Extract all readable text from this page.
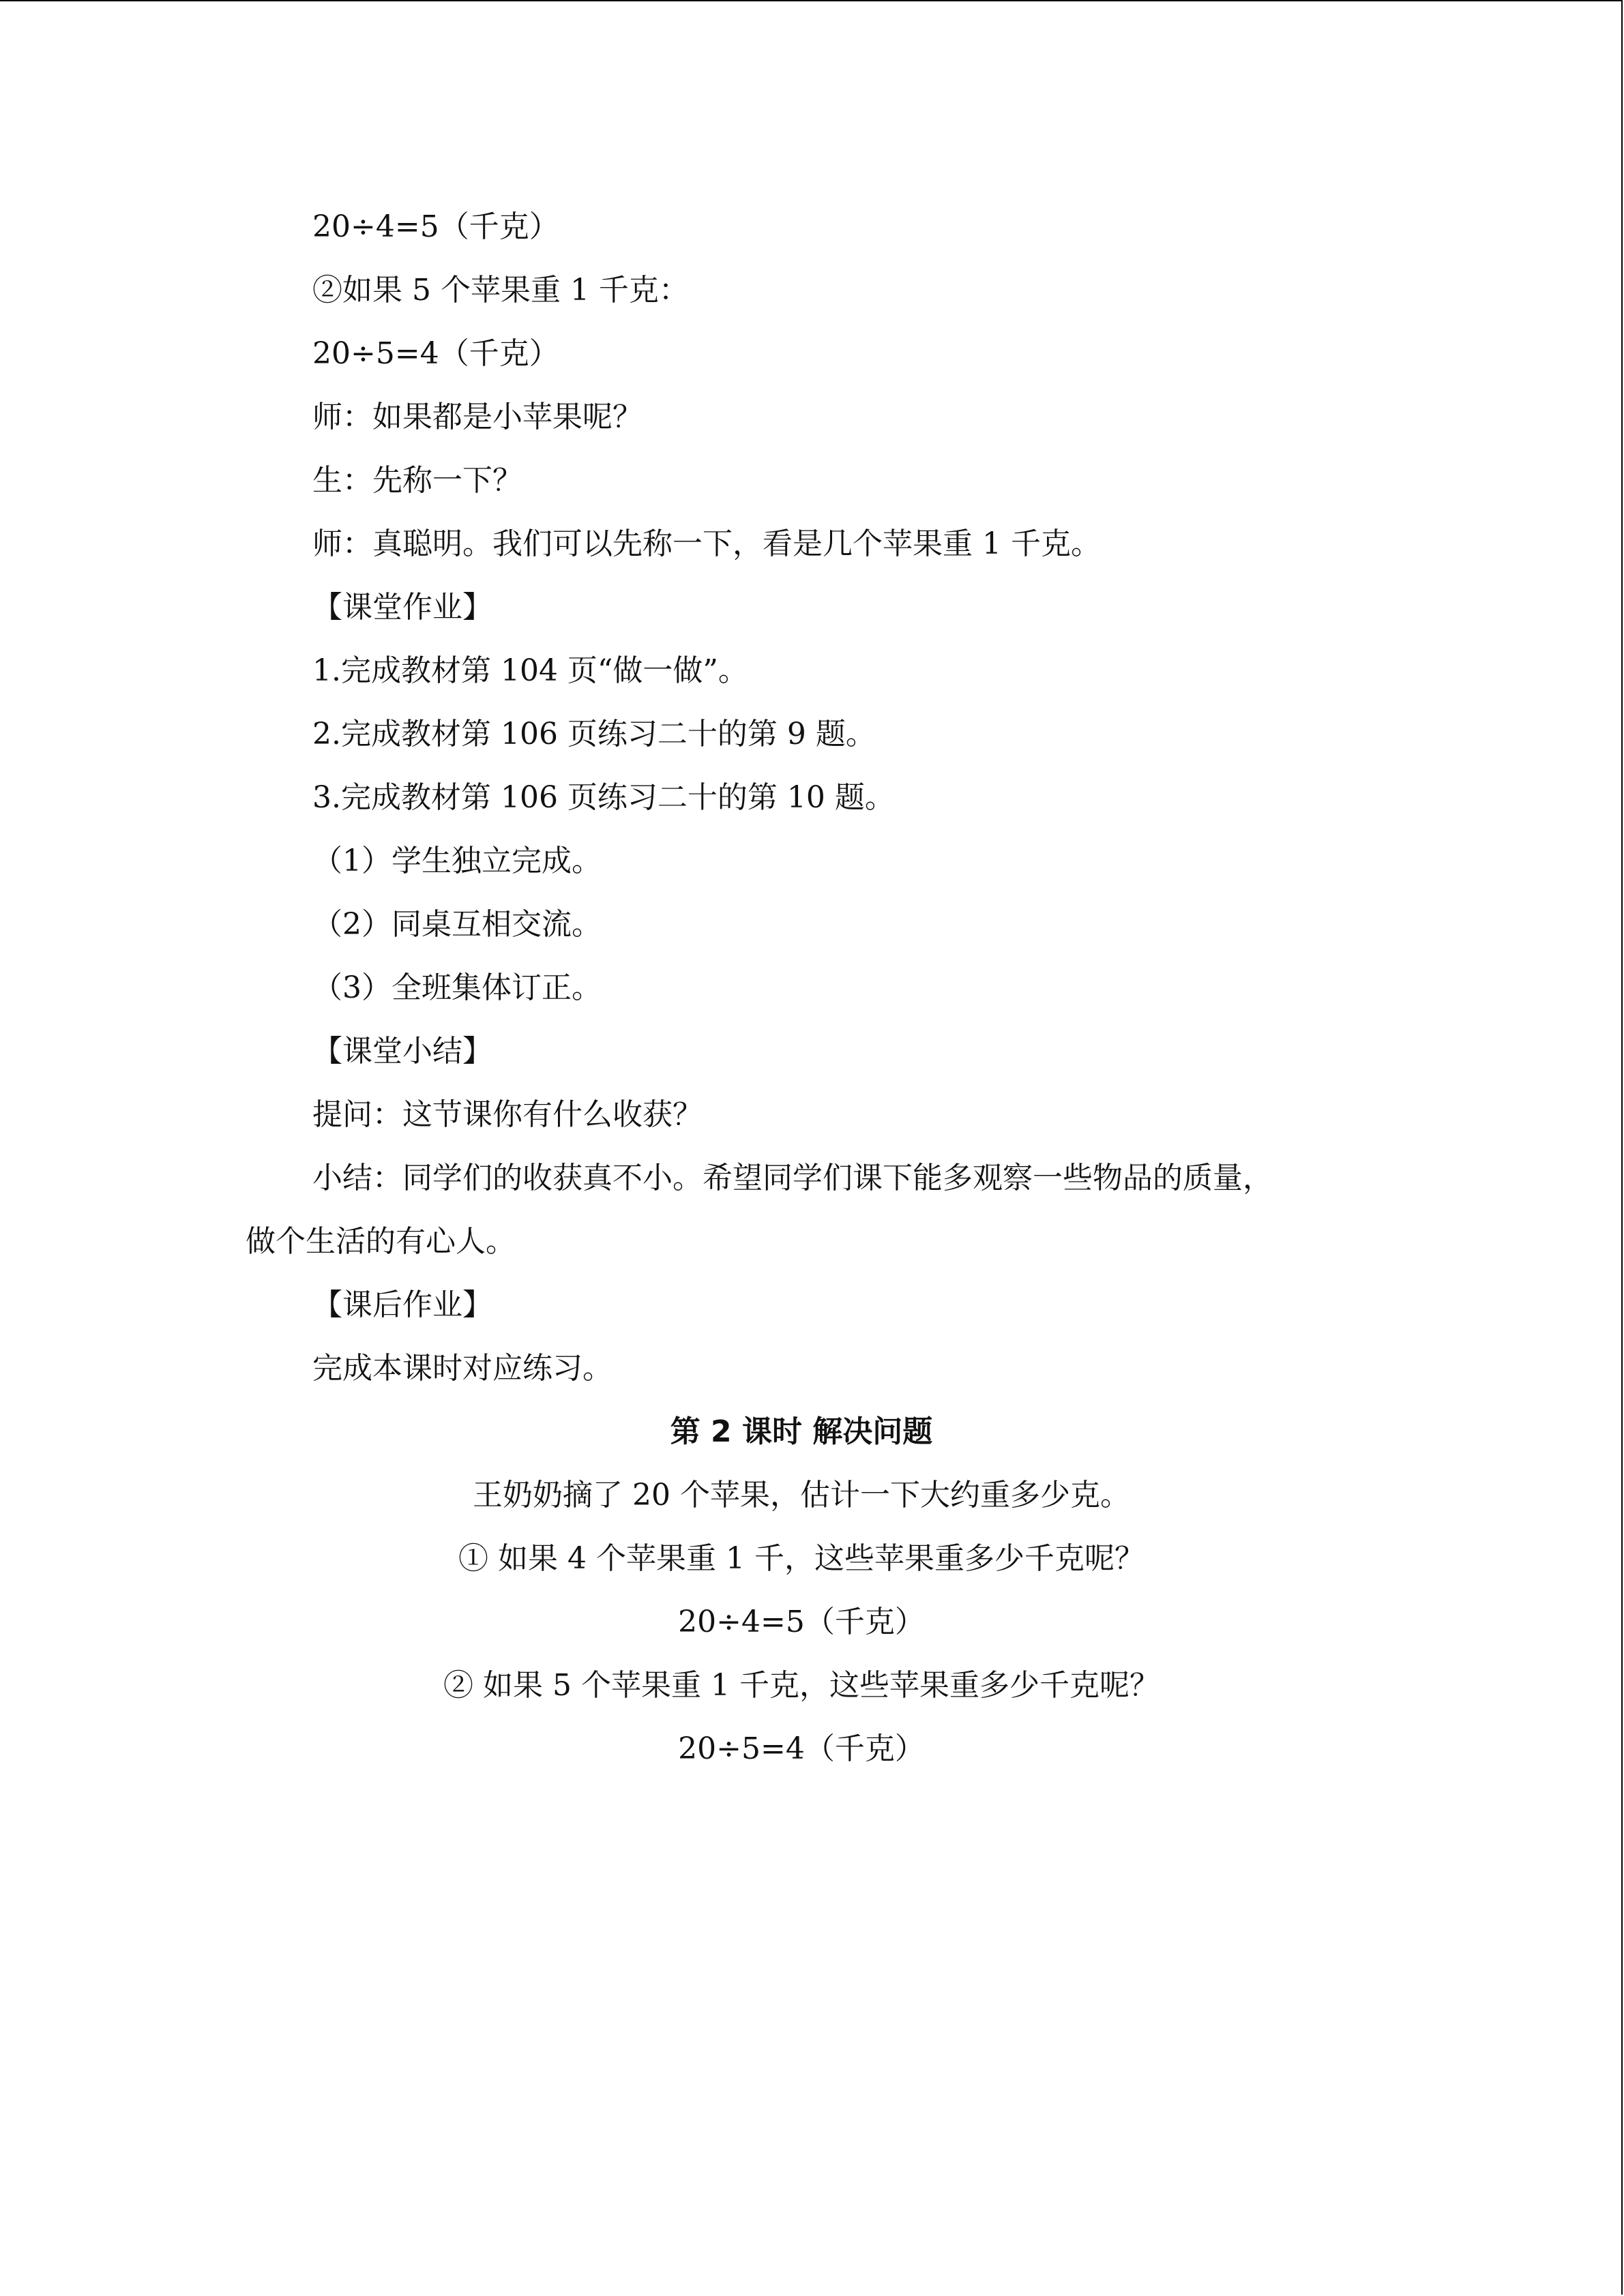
20÷4=5（千克）

②如果 5 个苹果重 1 千克：

20÷5=4（千克）

师：如果都是小苹果呢？

生：先称一下？

师：真聪明。我们可以先称一下，看是几个苹果重 1 千克。

【课堂作业】

1.完成教材第 104 页“做一做”。

2.完成教材第 106 页练习二十的第 9 题。

3.完成教材第 106 页练习二十的第 10 题。

（1）学生独立完成。

（2）同桌互相交流。

（3）全班集体订正。

【课堂小结】

提问：这节课你有什么收获？

小结：同学们的收获真不小。希望同学们课下能多观察一些物品的质量，

做个生活的有心人。

【课后作业】

完成本课时对应练习。

第 2 课时 解决问题

王奶奶摘了 20 个苹果，估计一下大约重多少克。

① 如果 4 个苹果重 1 千，这些苹果重多少千克呢？

20÷4=5（千克）

② 如果 5 个苹果重 1 千克，这些苹果重多少千克呢？

20÷5=4（千克）
